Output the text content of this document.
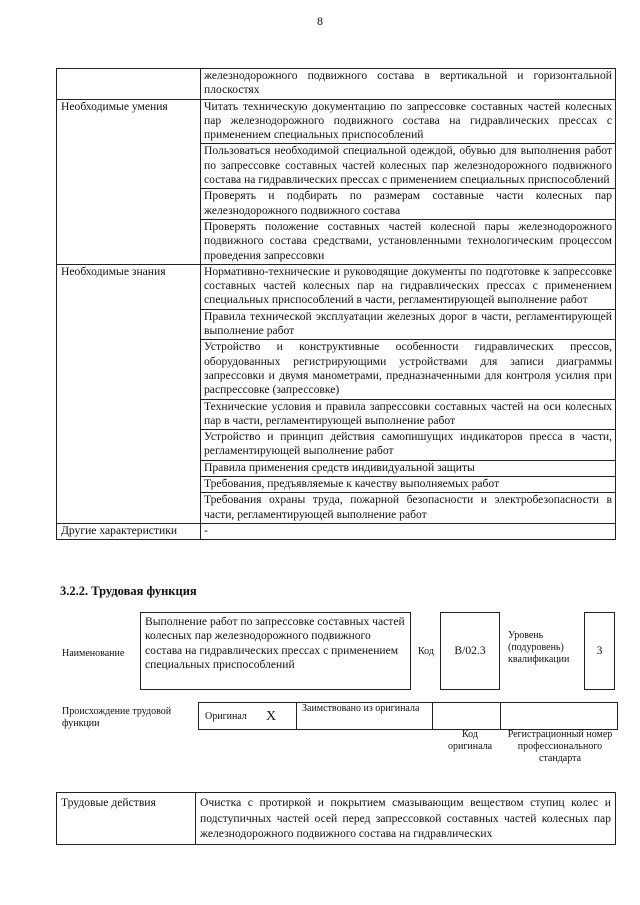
8
	железнодорожного подвижного состава в вертикальной и горизонтальной плоскостях
Необходимые умения	Читать техническую документацию по запрессовке составных частей колесных пар железнодорожного подвижного состава на гидравлических прессах с применением специальных приспособлений
	Пользоваться необходимой специальной одеждой, обувью для выполнения работ по запрессовке составных частей колесных пар железнодорожного подвижного состава на гидравлических прессах с применением специальных приспособлений
	Проверять и подбирать по размерам составные части колесных пар железнодорожного подвижного состава
	Проверять положение составных частей колесной пары железнодорожного подвижного состава средствами, установленными технологическим процессом проведения запрессовки
Необходимые знания	Нормативно-технические и руководящие документы по подготовке к запрессовке составных частей колесных пар на гидравлических прессах с применением специальных приспособлений в части, регламентирующей выполнение работ
	Правила технической эксплуатации железных дорог в части, регламентирующей выполнение работ
	Устройство и конструктивные особенности гидравлических прессов, оборудованных регистрирующими устройствами для записи диаграммы запрессовки и двумя манометрами, предназначенными для контроля усилия при распрессовке (запрессовке)
	Технические условия и правила запрессовки составных частей на оси колесных пар в части, регламентирующей выполнение работ
	Устройство и принцип действия самопишущих индикаторов пресса в части, регламентирующей выполнение работ
	Правила применения средств индивидуальной защиты
	Требования, предъявляемые к качеству выполняемых работ
	Требования охраны труда, пожарной безопасности и электробезопасности в части, регламентирующей выполнение работ
Другие характеристики	-
3.2.2. Трудовая функция
Наименование
Выполнение работ по запрессовке составных частей колесных пар железнодорожного подвижного состава на гидравлических прессах с применением специальных приспособлений
Код	B/02.3
Уровень (подуровень) квалификации
3
Происхождение трудовой функции
Оригинал X
Заимствовано из оригинала
Код оригинала
Регистрационный номер профессионального стандарта
Трудовые действия	Очистка с протиркой и покрытием смазывающим веществом ступиц колес и подступичных частей осей перед запрессовкой составных частей колесных пар железнодорожного подвижного состава на гидравлических
